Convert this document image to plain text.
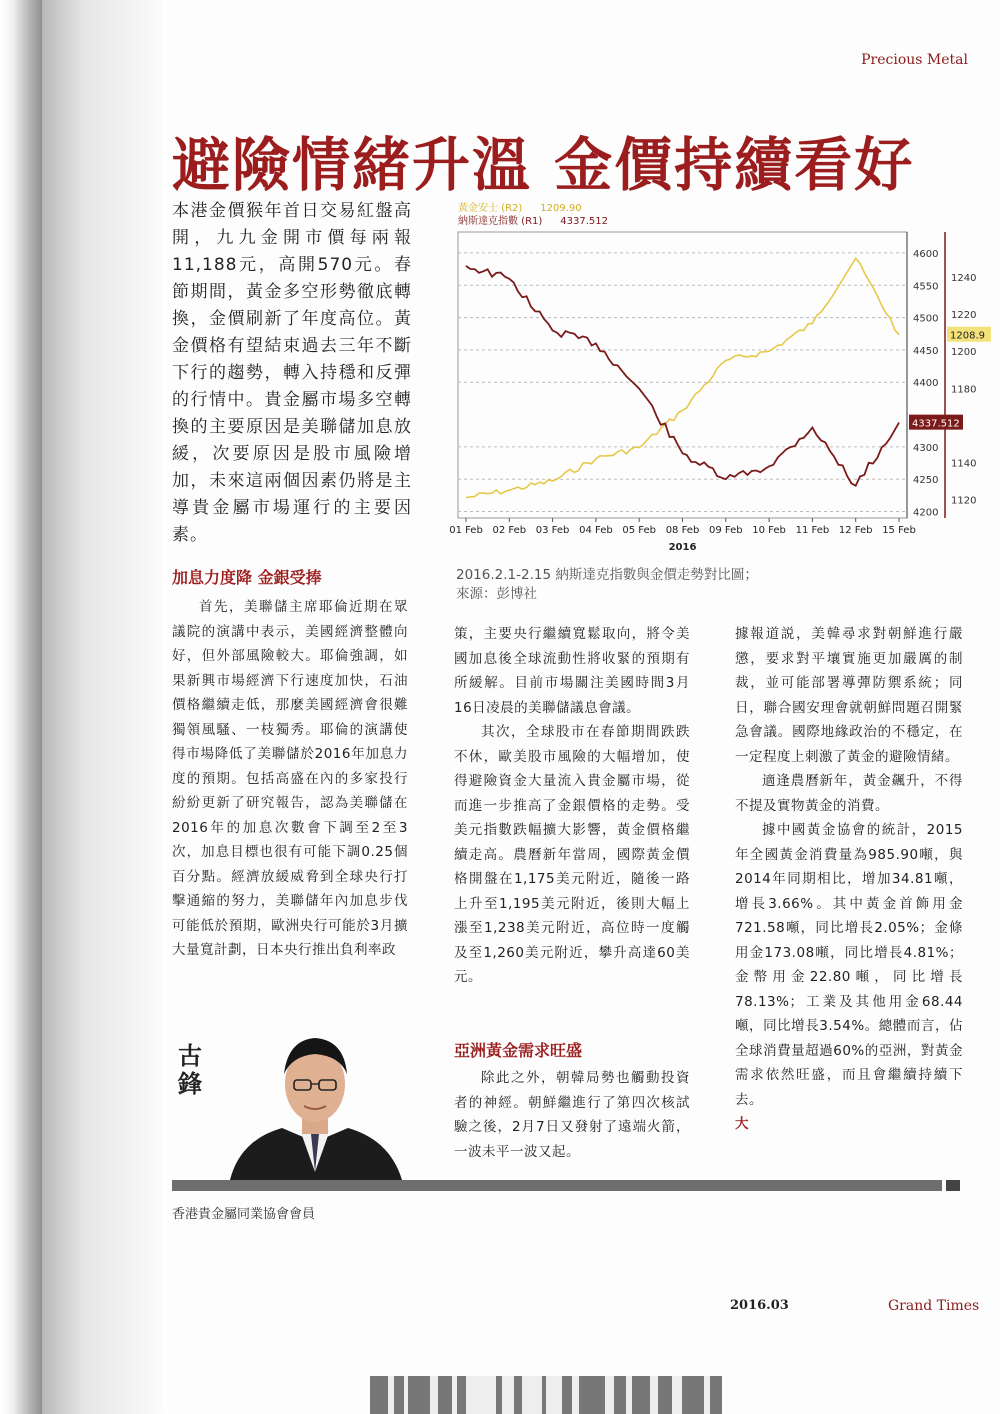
Precious Metal
避險情緒升溫 金價持續看好
本港金價猴年首日交易紅盤高開，九九金開市價每兩報11,188元，高開570元。春節期間，黃金多空形勢徹底轉換，金價刷新了年度高位。黃金價格有望結束過去三年不斷下行的趨勢，轉入持穩和反彈的行情中。貴金屬市場多空轉換的主要原因是美聯儲加息放緩，次要原因是股市風險增加，未來這兩個因素仍將是主導貴金屬市場運行的主要因素。
黃金安士 (R2) 1209.90
納斯達克指數 (R1) 4337.512
4600
4550
4500
4450
4400
4300
4250
4200
1240
1220
1200
1180
1140
1120
01 Feb 02 Feb 03 Feb 04 Feb 05 Feb 08 Feb 09 Feb 10 Feb 11 Feb 12 Feb 15 Feb
2016
1208.9
4337.512
2016.2.1-2.15 納斯達克指數與金價走勢對比圖；
來源：彭博社
加息力度降 金銀受捧

首先，美聯儲主席耶倫近期在眾議院的演講中表示，美國經濟整體向好，但外部風險較大。耶倫強調，如果新興市場經濟下行速度加快，石油價格繼續走低，那麼美國經濟會很難獨領風騷、一枝獨秀。耶倫的演講使得市場降低了美聯儲於2016年加息力度的預期。包括高盛在內的多家投行紛紛更新了研究報告，認為美聯儲在2016年的加息次數會下調至2至3次，加息目標也很有可能下調0.25個百分點。經濟放緩威脅到全球央行打擊通縮的努力，美聯儲年內加息步伐可能低於預期，歐洲央行可能於3月擴大量寬計劃，日本央行推出負利率政

策，主要央行繼續寬鬆取向，將令美國加息後全球流動性將收緊的預期有所緩解。目前市場關注美國時間3月16日凌晨的美聯儲議息會議。

其次，全球股市在春節期間跌跌不休，歐美股市風險的大幅增加，使得避險資金大量流入貴金屬市場，從而進一步推高了金銀價格的走勢。受美元指數跌幅擴大影響，黃金價格繼續走高。農曆新年當周，國際黃金價格開盤在1,175美元附近，隨後一路上升至1,195美元附近，後則大幅上漲至1,238美元附近，高位時一度觸及至1,260美元附近，攀升高達60美元。

亞洲黃金需求旺盛

除此之外，朝韓局勢也觸動投資者的神經。朝鮮繼進行了第四次核試驗之後，2月7日又發射了遠端火箭，一波未平一波又起。

據報道説，美韓尋求對朝鮮進行嚴懲，要求對平壤實施更加嚴厲的制裁，並可能部署導彈防禦系統；同日，聯合國安理會就朝鮮問題召開緊急會議。國際地緣政治的不穩定，在一定程度上刺激了黃金的避險情緒。

適逢農曆新年，黃金飆升，不得不提及實物黃金的消費。

據中國黃金協會的統計，2015年全國黃金消費量為985.90噸，與2014年同期相比，增加34.81噸，增長3.66%。其中黃金首飾用金721.58噸，同比增長2.05%；金條用金173.08噸，同比增長4.81%；金幣用金22.80噸，同比增長78.13%；工業及其他用金68.44噸，同比增長3.54%。總體而言，佔全球消費量超過60%的亞洲，對黃金需求依然旺盛，而且會繼續持續下去。

大

古鋒
香港貴金屬同業協會會員
2016.03	Grand Times
